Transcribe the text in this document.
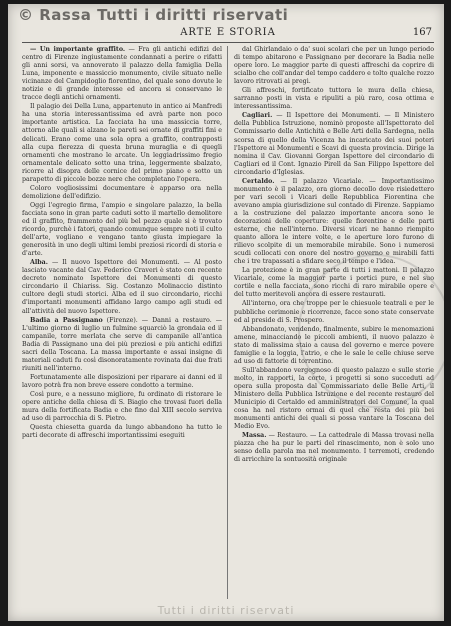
© Rassa Tutti i diritti riservati
ARTE E STORIA	167

— Un importante graffito. — Fra gli antichi edifizi del centro di Firenze ingiustamente condannati a perire o rifatti gli anni sorsi, va annoverato il palazzo della famiglia Della Luna, imponente e massiccio monumento, civile situato nelle vicinanze del Campidoglio fiorentino, del quale sono dovute le notizie e di grande interesse ed ancora si conservano le tracce degli antichi ornamenti.

Il palagio dei Della Luna, appartenuto in antico ai Manfredi ha una storia interessantissima ed avrà parte non poco importante artistica. La facciata ha una massiccia torre, attorno alle quali si alzano le pareti sei ornate di graffiti fini e delicati. Erano come una sola opra a graffito, contrapposti alla cupa fierezza di questa bruna muraglia e di quegli ornamenti che mostrano le arcate. Un leggiadrissimo fregio ornamentale delicato sotto una trina, leggermente sbalzato, ricorre al disopra delle cornice del primo piano e sotto un parapetto di piccole bozze nere che completano l'opera.

Coloro vogliosissimi documentare è apparso ora nella demolizione dell'edifizio.

Oggi l'egregio firma, l'ampio e singolare palazzo, la bella facciata sono in gran parte caduti sotto il martello demolitore ed il graffito, frammento del più bel pezzo quale si è trovato ricordo, purchè i fatori, quando comunque sempre noti il culto dell'arte, vogliano e vengano tanto giusta impiegare la generosità in uno degli ultimi lembi preziosi ricordi di storia e d'arte.

Alba. — Il nuovo Ispettore dei Monumenti. — Al posto lasciato vacante dal Cav. Federico Craveri è stato con recente decreto nominato Ispettore dei Monumenti di questo circondario il Chiariss. Sig. Costanzo Molinaccio distinto cultore degli studi storici. Alba ed il suo circondario, ricchi d'importanti monumenti affidano largo campo agli studi ed all'attività del nuovo Ispettore.

Badia a Passignano (Firenze). — Danni a restauro. — L'ultimo giorno di luglio un fulmine squarciò la grondaia ed il campanile, torre merlata che serve di campanile all'antica Badia di Passignano una dei più preziosi e più antichi edifizi sacri della Toscana. La massa importante e assai insigne di materiali caduti fu così disonoratamente rovinata dai due frati riuniti nell'interno.

Fortunatamente alle disposizioni per riparare ai danni ed il lavoro potrà fra non breve essere condotto a termine.

Così pure, e a nessuno migliore, fu ordinato di ristorare le opere antiche della chiesa di S. Biagio che trovasi fuori della mura della fortificata Badia e che fino dal XIII secolo serviva ad uso di parrocchia di S. Pietro.

Questa chiesetta guarda da lungo abbandono ha tutto le parti decorate di affreschi importantissimi eseguiti

dal Ghirlandaio o da' suoi scolari che per un lungo periodo di tempo abitarono e Passignano per decorare la Badia nelle opere loro. Le maggior parte di questi affreschi da coprire di scialbo che coll'andar del tempo caddero e tolto qualche rozzo lavoro ritrovati ai pregi.

Gli affreschi, fortificato tuttora le mura della chiesa, sarranno posti in vista e ripuliti a più raro, cosa ottima e interessantissima.

Cagliari. — Il Ispettore dei Monumenti. — Il Ministero della Pubblica Istruzione, nominò proposte all'Ispettorato del Commissario delle Antichità e Belle Arti della Sardegna, nella scorsa di quello della Vicenza ha incaricato dei suoi poteri l'Ispettore ai Monumenti e Scavi di questa provincia. Dirige la nomina il Cav. Giovanni Gorgan Ispettore del circondario di Cagliari ed il Cont. Ignazio Pirell da San Filippo Ispettore del circondario d'Iglesias.

Certaldo. — Il palazzo Vicariale. — Importantissimo monumento è il palazzo, ora giorno decollo dove risiedettero per vari secoli i Vicari delle Repubblica Fiorentina che avevano ampia giurisdizione sul contado di Firenze. Sappiamo a la costruzione del palazzo importante ancora sono le decorazioni delle coperture: quelle fiorentine e delle parti esterne, che nell'interno. Diversi vicari ne hanno riempito quanto allora le intere volte, e le aperture loro furono di rilievo scolpite di un memorabile mirabile. Sono i numerosi scudi collocati con onore del nostro governo e mirabili fatti che i tre trapassati a sfidare seco il tempo e l'idea.

La protezione è in gran parte di tutti i mattoni. Il palazzo Vicariale, come la maggior parte i portici pure, e nel suo cortile e nella facciata, sono ricchi di raro mirabile opere e del tutto meritevoli ancora di essere restaurati.

All'interno, ora che troppe per le chiesuole teatrali e per le pubbliche cerimonie e ricorrenze, facce sono state conservate ed al preside di S. Prospero.

Abbandonato, vendendo, finalmente, subire le menomazioni amene, minacciando le piccoli ambienti, il nuovo palazzo è stato di malissima staio a causa del governo e merce povere famiglie e la loggia, l'atrio, e che le sale le celle chiuse serve ad uso di fattorie di torrentino.

Sull'abbandono vergognoso di questo palazzo e sulle storie molto, in rapporti, la corte, i progetti si sono succeduti ad opera sulla proposta dal Commissariato delle Belle Arti, il Ministero della Pubblica Istruzione e del recente restauro del Municipio di Certaldo ed amministratori del Comune, la qual cosa ha nel ristoro ormai di quel che resta dei più bei monumenti antichi dei quali si possa vantare la Toscana del Medio Evo.

Massa. — Restauro. — La cattedrale di Massa trovasi nella piazza che ha pur le parti del rinascimento, non è solo uno senso della parola ma nel monumento. I terremoti, credendo di arricchire la sontuosità originale

Tutti i diritti riservati
